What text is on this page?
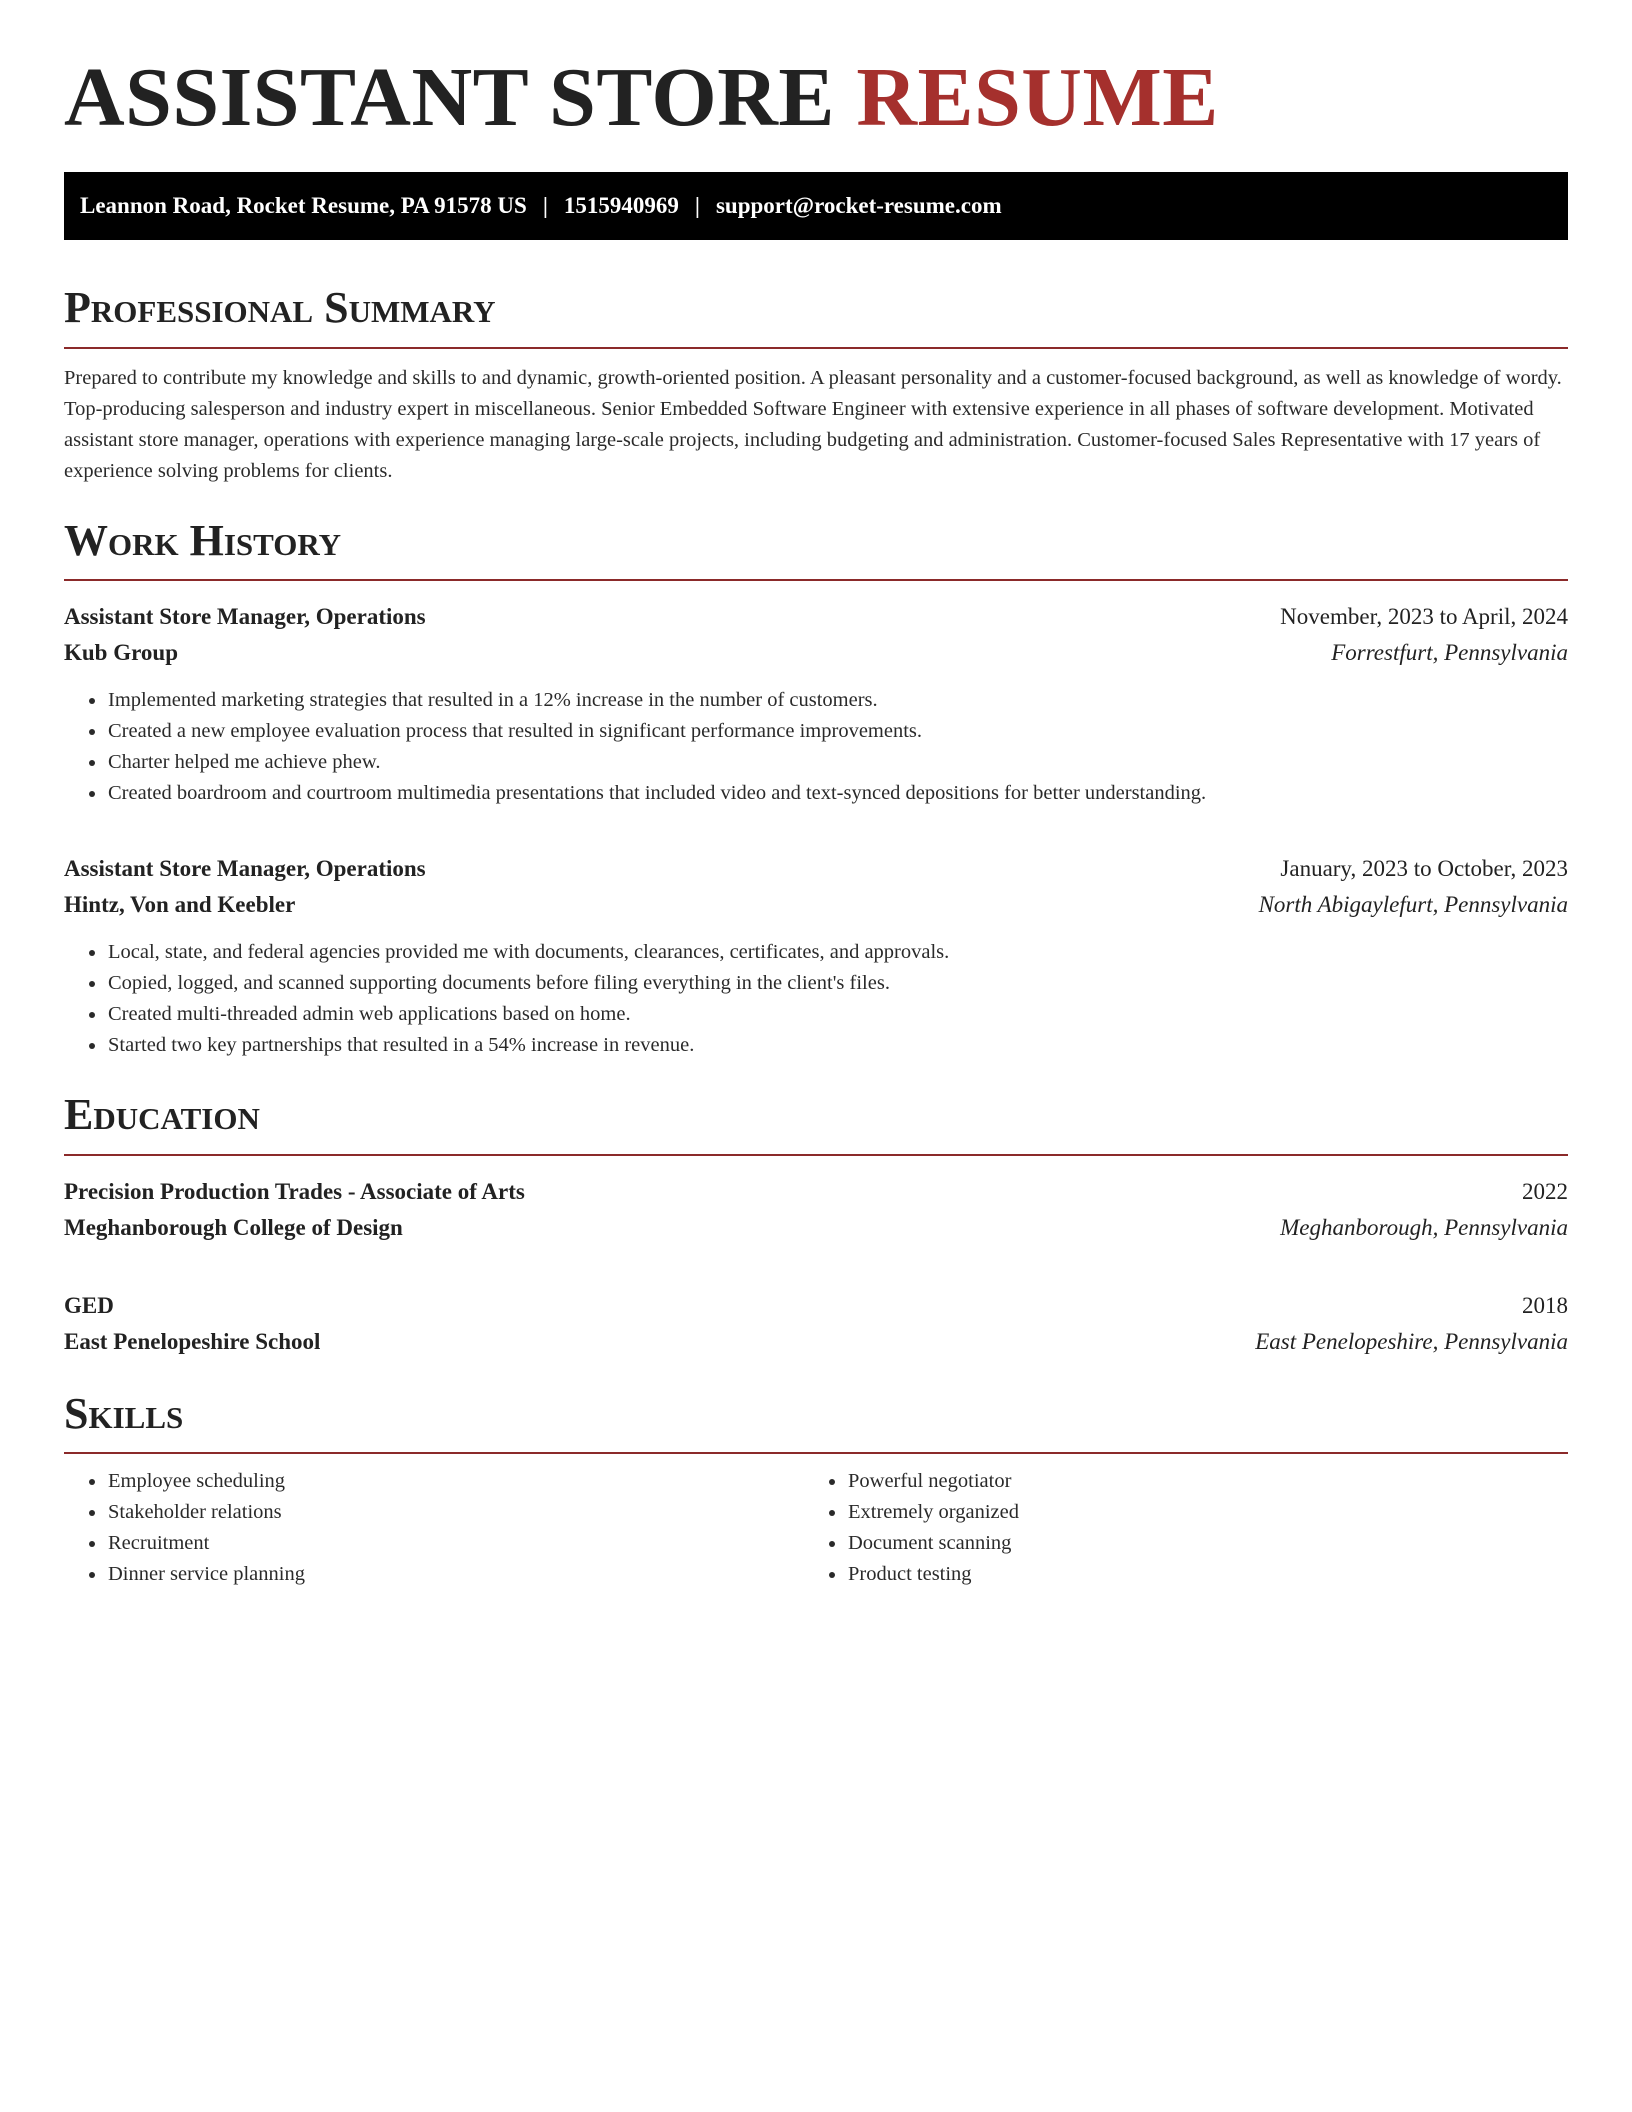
ASSISTANT STORE RESUME
Leannon Road, Rocket Resume, PA 91578 US | 1515940969 | support@rocket-resume.com
Professional Summary

Prepared to contribute my knowledge and skills to and dynamic, growth-oriented position. A pleasant personality and a customer-focused background, as well as knowledge of wordy. Top-producing salesperson and industry expert in miscellaneous. Senior Embedded Software Engineer with extensive experience in all phases of software development. Motivated assistant store manager, operations with experience managing large-scale projects, including budgeting and administration. Customer-focused Sales Representative with 17 years of experience solving problems for clients.

Work History
Assistant Store Manager, Operations	November, 2023 to April, 2024
Kub Group	Forrestfurt, Pennsylvania
• Implemented marketing strategies that resulted in a 12% increase in the number of customers.
• Created a new employee evaluation process that resulted in significant performance improvements.
• Charter helped me achieve phew.
• Created boardroom and courtroom multimedia presentations that included video and text-synced depositions for better understanding.
Assistant Store Manager, Operations	January, 2023 to October, 2023
Hintz, Von and Keebler	North Abigaylefurt, Pennsylvania
• Local, state, and federal agencies provided me with documents, clearances, certificates, and approvals.
• Copied, logged, and scanned supporting documents before filing everything in the client's files.
• Created multi-threaded admin web applications based on home.
• Started two key partnerships that resulted in a 54% increase in revenue.
Education
Precision Production Trades - Associate of Arts	2022
Meghanborough College of Design	Meghanborough, Pennsylvania
GED	2018
East Penelopeshire School	East Penelopeshire, Pennsylvania
Skills
• Employee scheduling
• Stakeholder relations
• Recruitment
• Dinner service planning
• Powerful negotiator
• Extremely organized
• Document scanning
• Product testing
